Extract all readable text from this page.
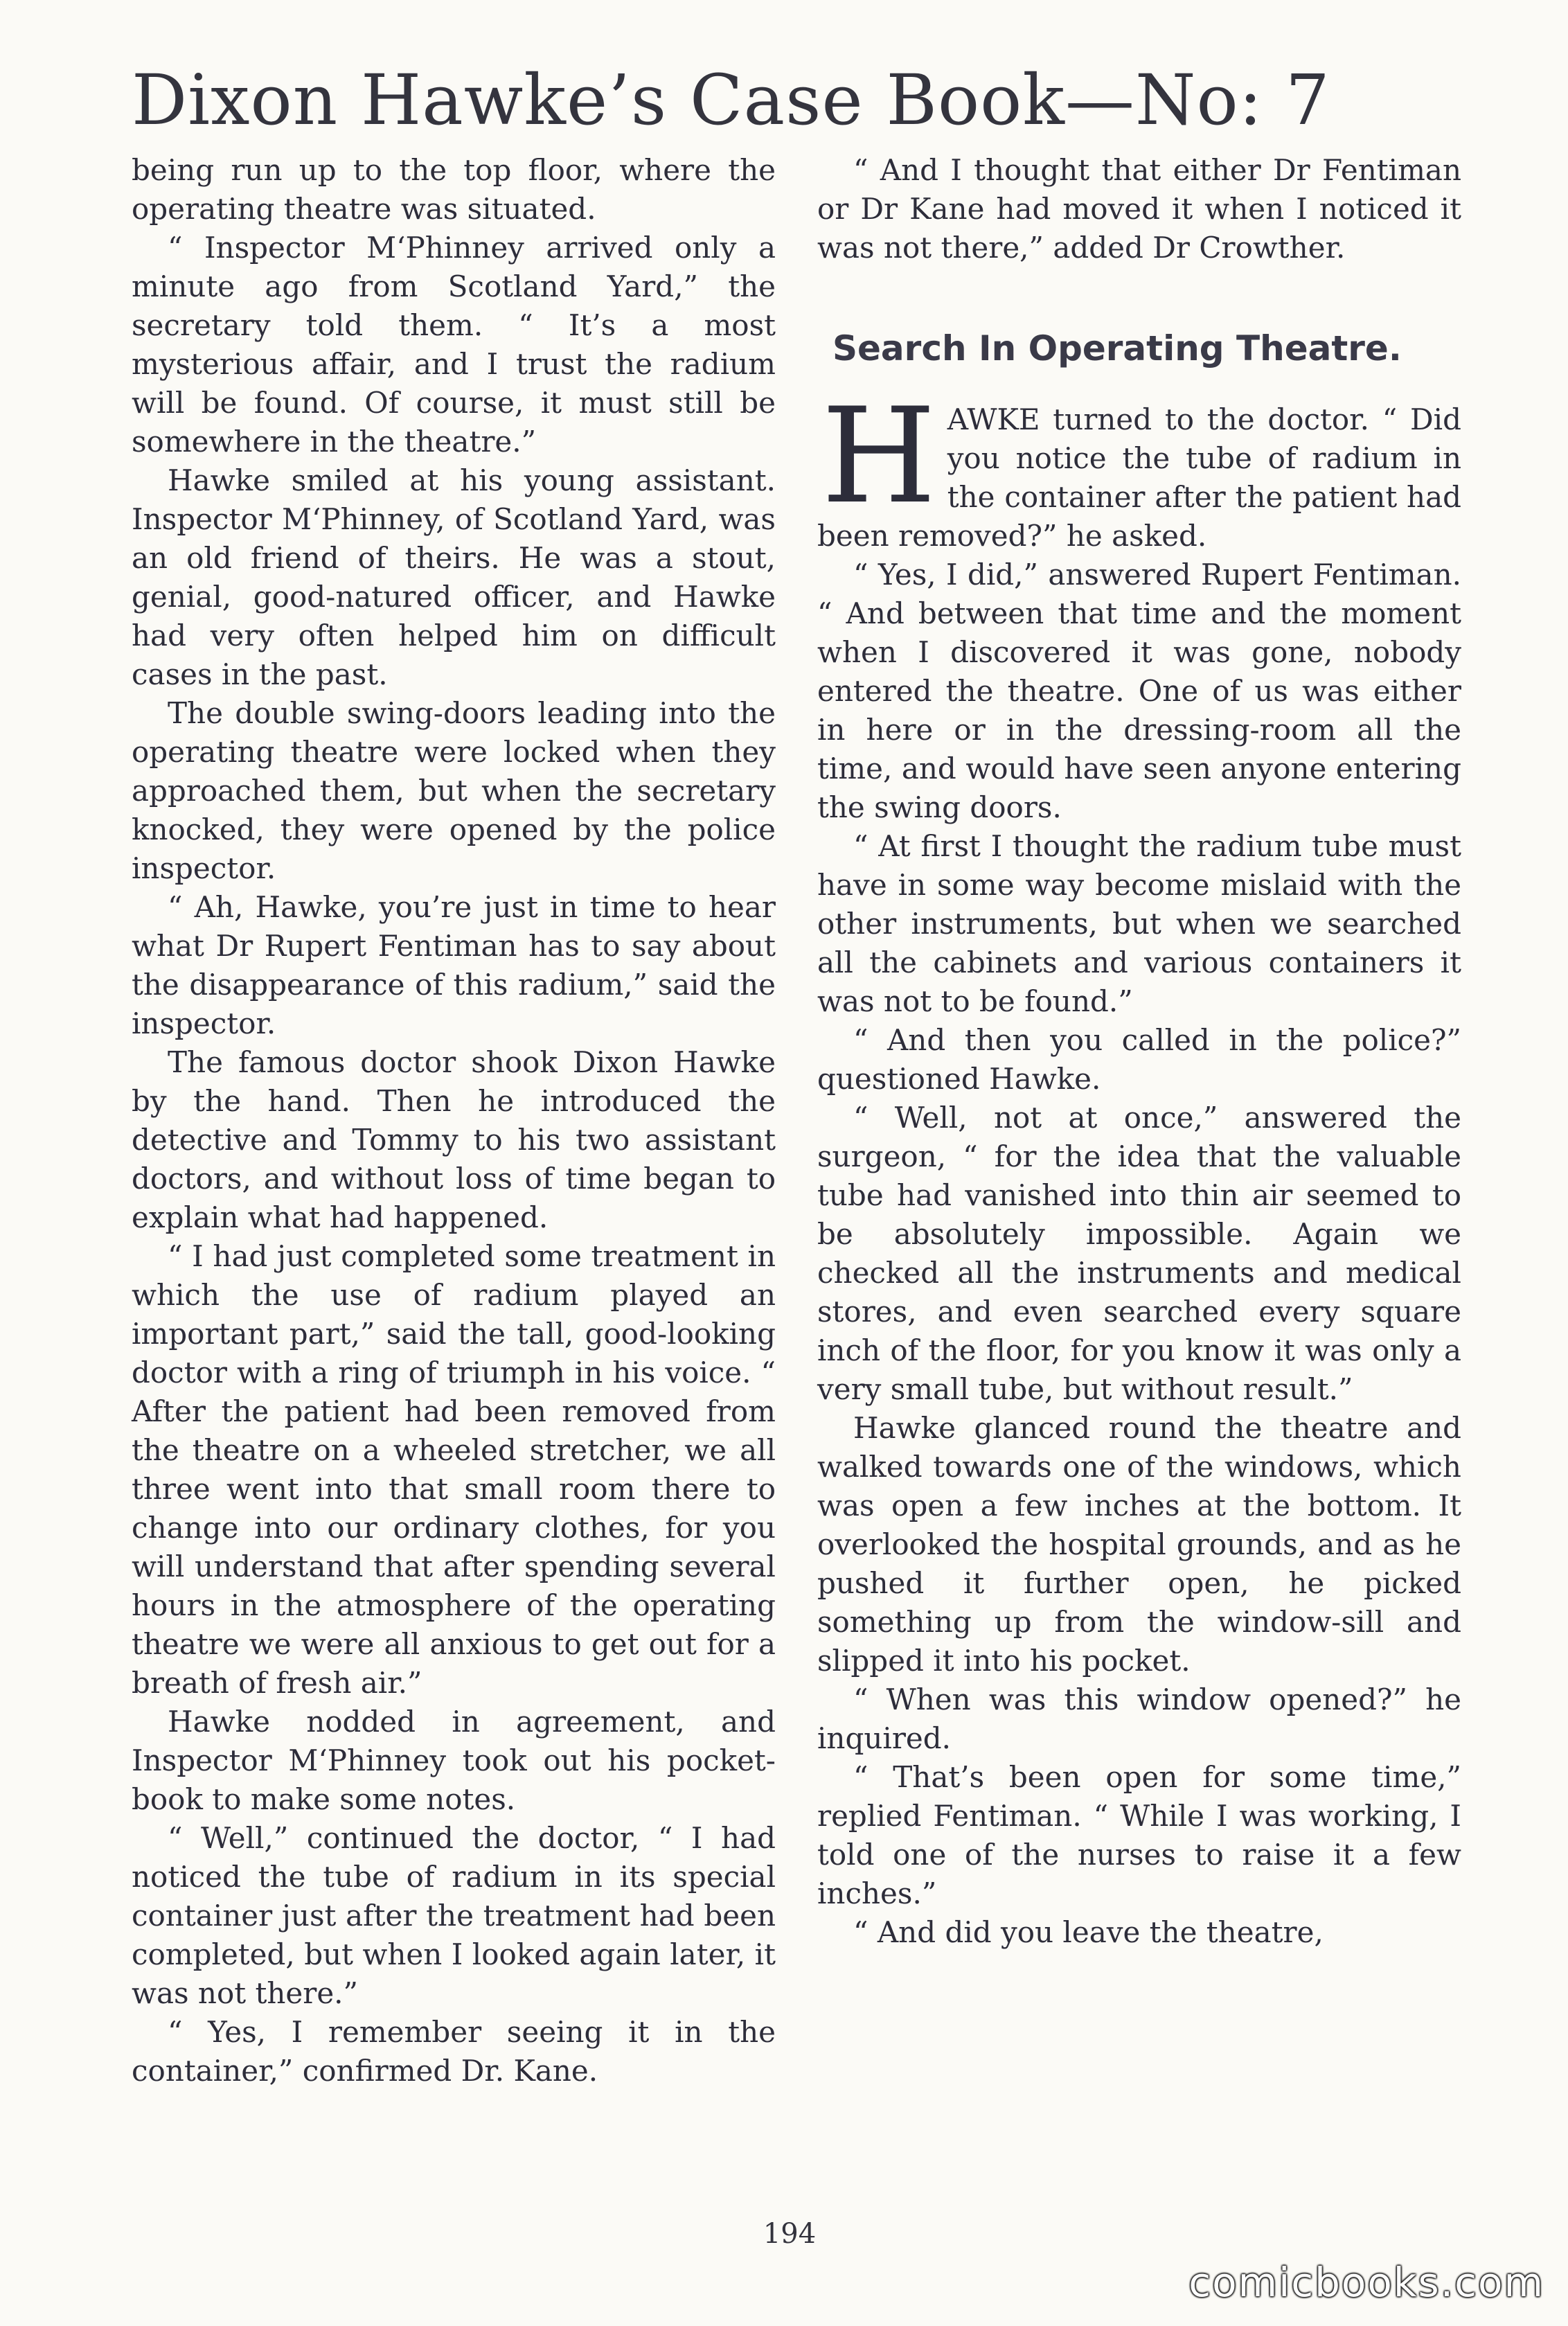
Dixon Hawke’s Case Book—No: 7

being run up to the top floor, where the operating theatre was situated.

“ Inspector M‘Phinney arrived only a minute ago from Scotland Yard,” the secretary told them. “ It’s a most mysterious affair, and I trust the radium will be found. Of course, it must still be somewhere in the theatre.”

Hawke smiled at his young assistant. Inspector M‘Phinney, of Scotland Yard, was an old friend of theirs. He was a stout, genial, good-natured officer, and Hawke had very often helped him on difficult cases in the past.

The double swing-doors leading into the operating theatre were locked when they approached them, but when the secretary knocked, they were opened by the police inspector.

“ Ah, Hawke, you’re just in time to hear what Dr Rupert Fentiman has to say about the disappearance of this radium,” said the inspector.

The famous doctor shook Dixon Hawke by the hand. Then he introduced the detective and Tommy to his two assistant doctors, and without loss of time began to explain what had happened.

“ I had just completed some treatment in which the use of radium played an important part,” said the tall, good-looking doctor with a ring of triumph in his voice. “ After the patient had been removed from the theatre on a wheeled stretcher, we all three went into that small room there to change into our ordinary clothes, for you will understand that after spending several hours in the atmosphere of the operating theatre we were all anxious to get out for a breath of fresh air.”

Hawke nodded in agreement, and Inspector M‘Phinney took out his pocket-book to make some notes.

“ Well,” continued the doctor, “ I had noticed the tube of radium in its special container just after the treatment had been completed, but when I looked again later, it was not there.”

“ Yes, I remember seeing it in the container,” confirmed Dr. Kane.

“ And I thought that either Dr Fentiman or Dr Kane had moved it when I noticed it was not there,” added Dr Crowther.

Search In Operating Theatre.

HAWKE turned to the doctor. “ Did you notice the tube of radium in the container after the patient had been removed?” he asked.

“ Yes, I did,” answered Rupert Fentiman. “ And between that time and the moment when I discovered it was gone, nobody entered the theatre. One of us was either in here or in the dressing-room all the time, and would have seen anyone entering the swing doors.

“ At first I thought the radium tube must have in some way become mislaid with the other instruments, but when we searched all the cabinets and various containers it was not to be found.”

“ And then you called in the police?” questioned Hawke.

“ Well, not at once,” answered the surgeon, “ for the idea that the valuable tube had vanished into thin air seemed to be absolutely impossible. Again we checked all the instruments and medical stores, and even searched every square inch of the floor, for you know it was only a very small tube, but without result.”

Hawke glanced round the theatre and walked towards one of the windows, which was open a few inches at the bottom. It overlooked the hospital grounds, and as he pushed it further open, he picked something up from the window-sill and slipped it into his pocket.

“ When was this window opened?” he inquired.

“ That’s been open for some time,” replied Fentiman. “ While I was working, I told one of the nurses to raise it a few inches.”

“ And did you leave the theatre,

194
comicbooks.com
